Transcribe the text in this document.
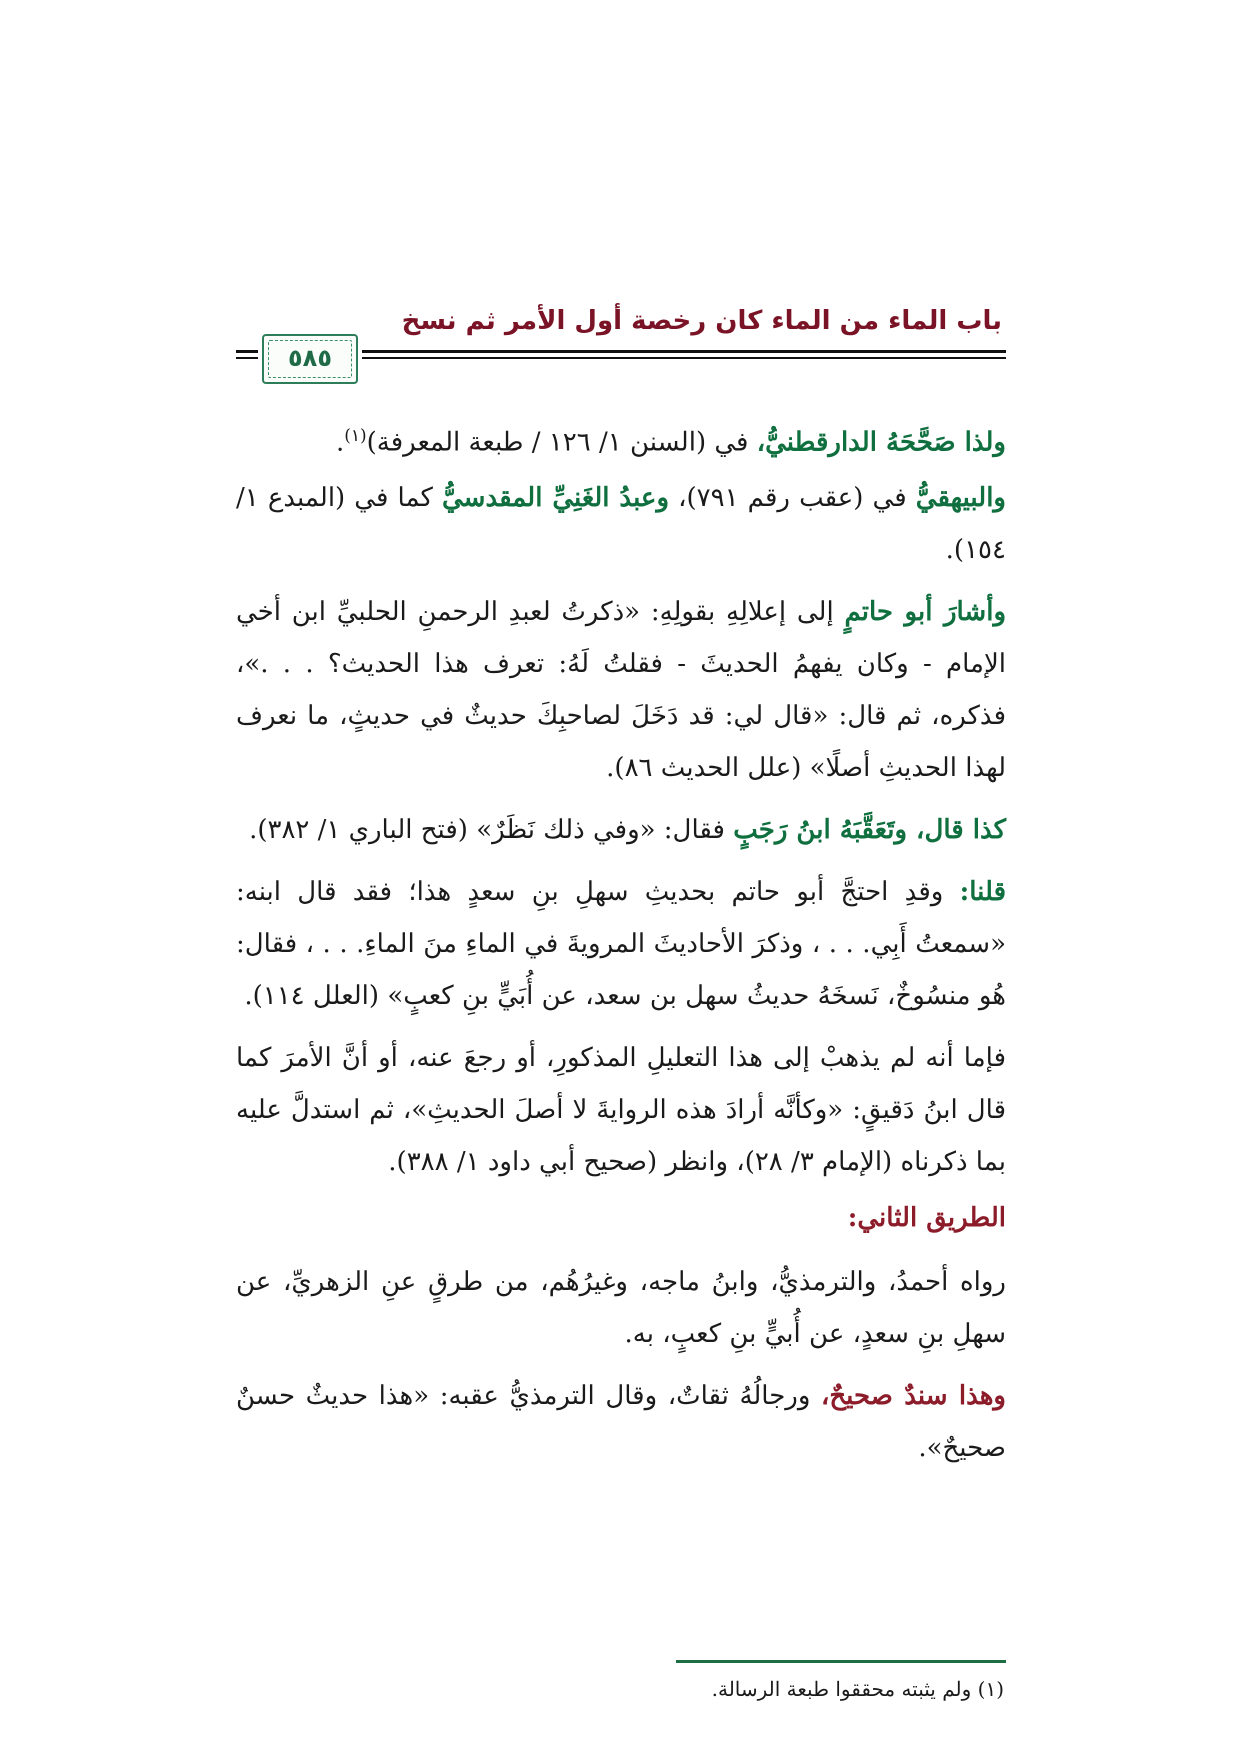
باب الماء من الماء كان رخصة أول الأمر ثم نسخ
٥٨٥

ولذا صَحَّحَهُ الدارقطنيُّ، في (السنن ١/ ١٢٦ / طبعة المعرفة)$^{(١)}$.

والبيهقيُّ في (عقب رقم ٧٩١)، وعبدُ الغَنِيِّ المقدسيُّ كما في (المبدع ١/ ١٥٤).

وأشارَ أبو حاتمٍ إلى إعلالِهِ بقولِهِ: «ذكرتُ لعبدِ الرحمنِ الحلبيِّ ابن أخي الإمام - وكان يفهمُ الحديثَ - فقلتُ لَهُ: تعرف هذا الحديث؟ . . .»، فذكره، ثم قال: «قال لي: قد دَخَلَ لصاحبِكَ حديثٌ في حديثٍ، ما نعرف لهذا الحديثِ أصلًا» (علل الحديث ٨٦).

كذا قال، وتَعَقَّبَهُ ابنُ رَجَبٍ فقال: «وفي ذلك نَظَرٌ» (فتح الباري ١/ ٣٨٢).

قلنا: وقدِ احتجَّ أبو حاتم بحديثِ سهلِ بنِ سعدٍ هذا؛ فقد قال ابنه: «سمعتُ أَبِي. . . ، وذكرَ الأحاديثَ المرويةَ في الماءِ منَ الماءِ. . . ، فقال: هُو منسُوخٌ، نَسخَهُ حديثُ سهل بن سعد، عن أُبَيٍّ بنِ كعبٍ» (العلل ١١٤).

فإما أنه لم يذهبْ إلى هذا التعليلِ المذكورِ، أو رجعَ عنه، أو أنَّ الأمرَ كما قال ابنُ دَقيقٍ: «وكأنَّه أرادَ هذه الروايةَ لا أصلَ الحديثِ»، ثم استدلَّ عليه بما ذكرناه (الإمام ٣/ ٢٨)، وانظر (صحيح أبي داود ١/ ٣٨٨).

الطريق الثاني:

رواه أحمدُ، والترمذيُّ، وابنُ ماجه، وغيرُهُم، من طرقٍ عنِ الزهريِّ، عن سهلِ بنِ سعدٍ، عن أُبيٍّ بنِ كعبٍ، به.

وهذا سندٌ صحيحٌ، ورجالُهُ ثقاتٌ، وقال الترمذيُّ عقبه: «هذا حديثٌ حسنٌ صحيحٌ».

(١) ولم يثبته محققوا طبعة الرسالة.
